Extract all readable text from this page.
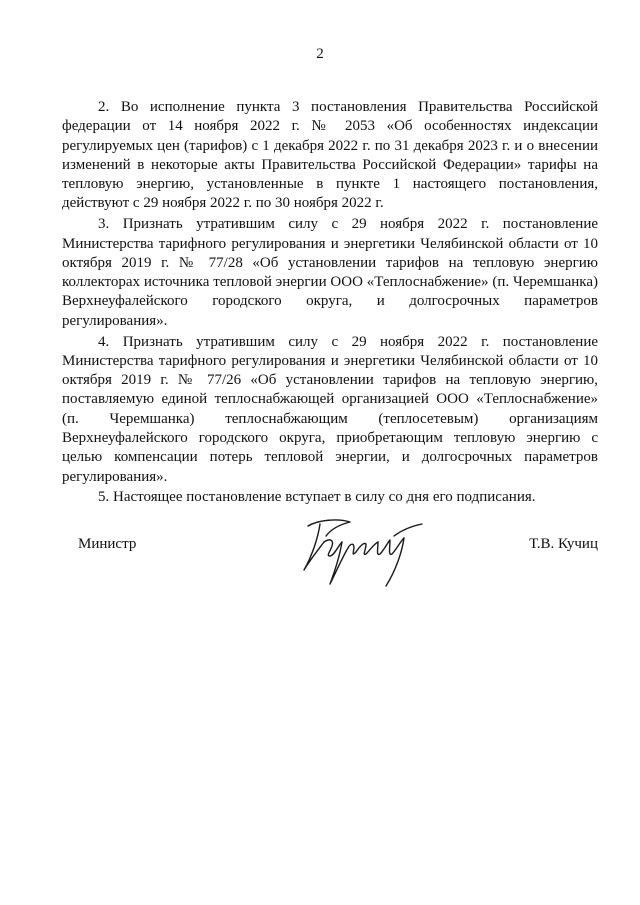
2

2. Во исполнение пункта 3 постановления Правительства Российской федерации от 14 ноября 2022 г. № 2053 «Об особенностях индексации регулируемых цен (тарифов) с 1 декабря 2022 г. по 31 декабря 2023 г. и о внесении изменений в некоторые акты Правительства Российской Федерации» тарифы на тепловую энергию, установленные в пункте 1 настоящего постановления, действуют с 29 ноября 2022 г. по 30 ноября 2022 г.

3. Признать утратившим силу с 29 ноября 2022 г. постановление Министерства тарифного регулирования и энергетики Челябинской области от 10 октября 2019 г. № 77/28 «Об установлении тарифов на тепловую энергию коллекторах источника тепловой энергии ООО «Теплоснабжение» (п. Черемшанка) Верхнеуфалейского городского округа, и долгосрочных параметров регулирования».

4. Признать утратившим силу с 29 ноября 2022 г. постановление Министерства тарифного регулирования и энергетики Челябинской области от 10 октября 2019 г. № 77/26 «Об установлении тарифов на тепловую энергию, поставляемую единой теплоснабжающей организацией ООО «Теплоснабжение» (п. Черемшанка) теплоснабжающим (теплосетевым) организациям Верхнеуфалейского городского округа, приобретающим тепловую энергию с целью компенсации потерь тепловой энергии, и долгосрочных параметров регулирования».

5. Настоящее постановление вступает в силу со дня его подписания.

Министр	Т.В. Кучиц
